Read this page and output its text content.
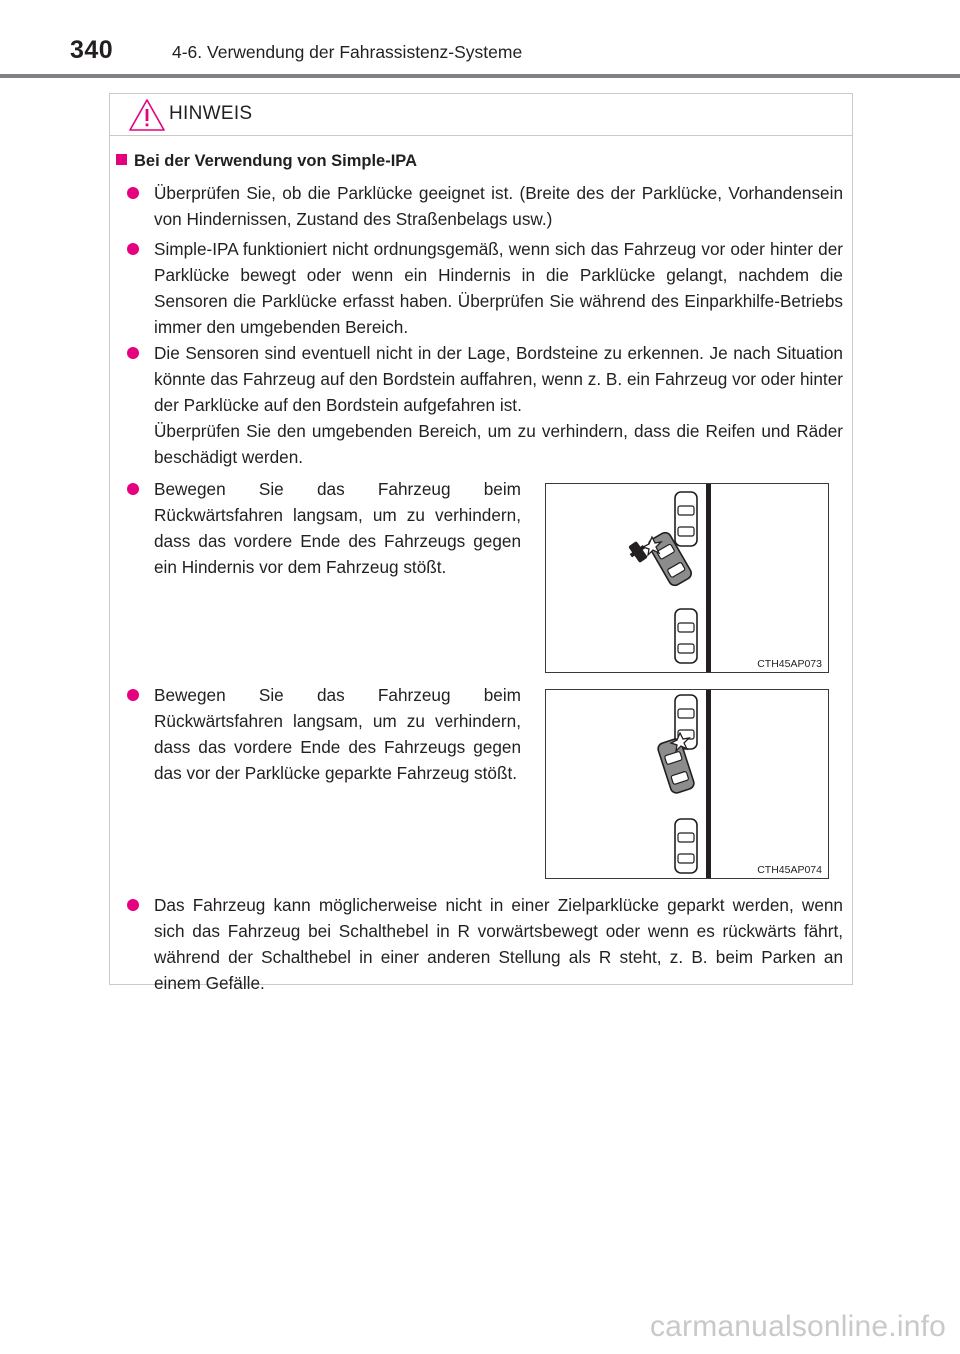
340	4-6. Verwendung der Fahrassistenz-Systeme
HINWEIS
Bei der Verwendung von Simple-IPA

Überprüfen Sie, ob die Parklücke geeignet ist. (Breite des der Parklücke, Vorhandensein von Hindernissen, Zustand des Straßenbelags usw.)

Simple-IPA funktioniert nicht ordnungsgemäß, wenn sich das Fahrzeug vor oder hinter der Parklücke bewegt oder wenn ein Hindernis in die Parklücke gelangt, nachdem die Sensoren die Parklücke erfasst haben. Überprüfen Sie während des Einparkhilfe-Betriebs immer den umgebenden Bereich.

Die Sensoren sind eventuell nicht in der Lage, Bordsteine zu erkennen. Je nach Situation könnte das Fahrzeug auf den Bordstein auffahren, wenn z. B. ein Fahrzeug vor oder hinter der Parklücke auf den Bordstein aufgefahren ist.

Überprüfen Sie den umgebenden Bereich, um zu verhindern, dass die Reifen und Räder beschädigt werden.

Bewegen Sie das Fahrzeug beim Rückwärtsfahren langsam, um zu verhindern, dass das vordere Ende des Fahrzeugs gegen ein Hindernis vor dem Fahrzeug stößt.

CTH45AP073

Bewegen Sie das Fahrzeug beim Rückwärtsfahren langsam, um zu verhindern, dass das vordere Ende des Fahrzeugs gegen das vor der Parklücke geparkte Fahrzeug stößt.

CTH45AP074

Das Fahrzeug kann möglicherweise nicht in einer Zielparklücke geparkt werden, wenn sich das Fahrzeug bei Schalthebel in R vorwärtsbewegt oder wenn es rückwärts fährt, während der Schalthebel in einer anderen Stellung als R steht, z. B. beim Parken an einem Gefälle.

carmanualsonline.info
